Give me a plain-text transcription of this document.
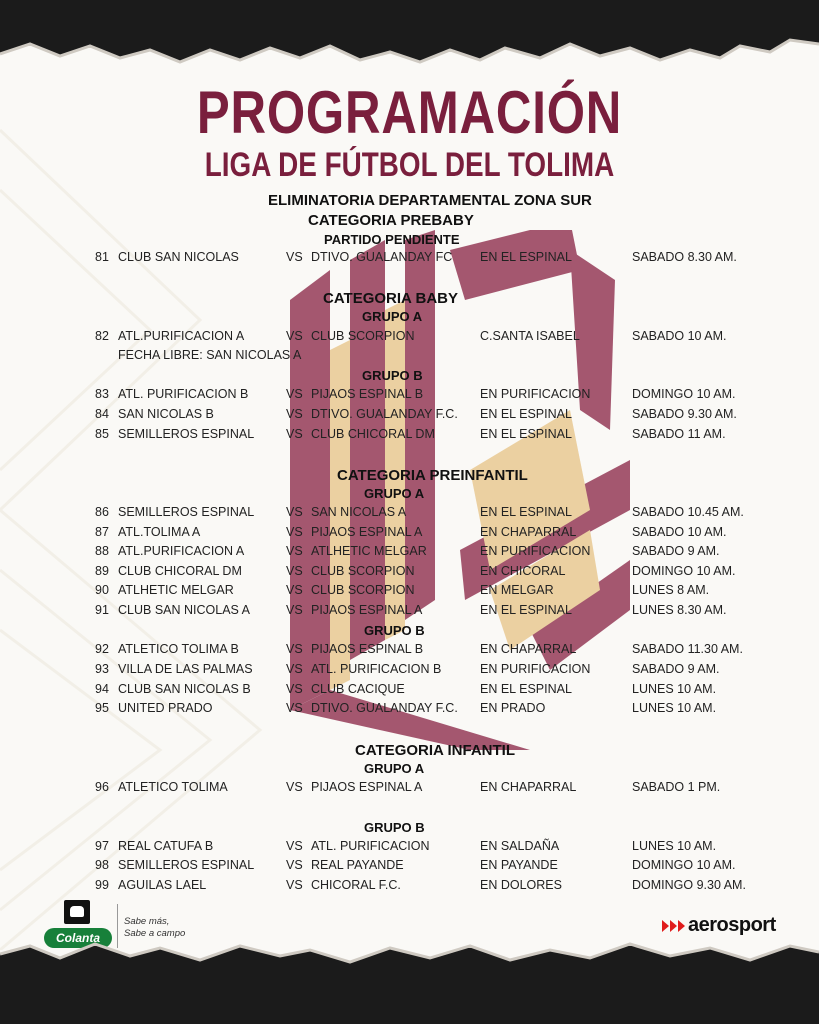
PROGRAMACIÓN
LIGA DE FÚTBOL DEL TOLIMA
ELIMINATORIA DEPARTAMENTAL ZONA SUR
CATEGORIA PREBABY
PARTIDO PENDIENTE
81 CLUB SAN NICOLAS	VS DTIVO. GUALANDAY FC EN EL ESPINAL	SABADO 8.30 AM.
CATEGORIA BABY
GRUPO A
82 ATL.PURIFICACION A	VS CLUB SCORPION	C.SANTA ISABEL	SABADO 10 AM.
FECHA LIBRE: SAN NICOLAS A
GRUPO B
83 ATL. PURIFICACION B	VS PIJAOS ESPINAL B	EN PURIFICACION	DOMINGO 10 AM.
84 SAN NICOLAS B	VS DTIVO. GUALANDAY F.C. EN EL ESPINAL	SABADO 9.30 AM.
85 SEMILLEROS ESPINAL	VS CLUB CHICORAL DM	EN EL ESPINAL	SABADO 11 AM.
CATEGORIA PREINFANTIL
GRUPO A
86 SEMILLEROS ESPINAL	VS SAN NICOLAS A	EN EL ESPINAL	SABADO 10.45 AM.
87 ATL.TOLIMA A	VS PIJAOS ESPINAL A	EN CHAPARRAL	SABADO 10 AM.
88 ATL.PURIFICACION A	VS ATLHETIC MELGAR	EN PURIFICACION	SABADO 9 AM.
89 CLUB CHICORAL DM	VS CLUB SCORPION	EN CHICORAL	DOMINGO 10 AM.
90 ATLHETIC MELGAR	VS CLUB SCORPION	EN MELGAR	LUNES 8 AM.
91 CLUB SAN NICOLAS A	VS PIJAOS ESPINAL A	EN EL ESPINAL	LUNES 8.30 AM.
GRUPO B
92 ATLETICO TOLIMA B	VS PIJAOS ESPINAL B	EN CHAPARRAL	SABADO 11.30 AM.
93 VILLA DE LAS PALMAS	VS ATL. PURIFICACION B	EN PURIFICACION	SABADO 9 AM.
94 CLUB SAN NICOLAS B	VS CLUB CACIQUE	EN EL ESPINAL	LUNES 10 AM.
95 UNITED PRADO	VS DTIVO. GUALANDAY F.C. EN PRADO	LUNES 10 AM.
CATEGORIA INFANTIL
GRUPO A
96 ATLETICO TOLIMA	VS PIJAOS ESPINAL A	EN CHAPARRAL	SABADO 1 PM.
GRUPO B
97 REAL CATUFA B	VS ATL. PURIFICACION	EN SALDAÑA	LUNES 10 AM.
98 SEMILLEROS ESPINAL	VS REAL PAYANDE	EN PAYANDE	DOMINGO 10 AM.
99 AGUILAS LAEL	VS CHICORAL F.C.	EN DOLORES	DOMINGO 9.30 AM.
Colanta
Sabe más,
Sabe a campo	aerosport
